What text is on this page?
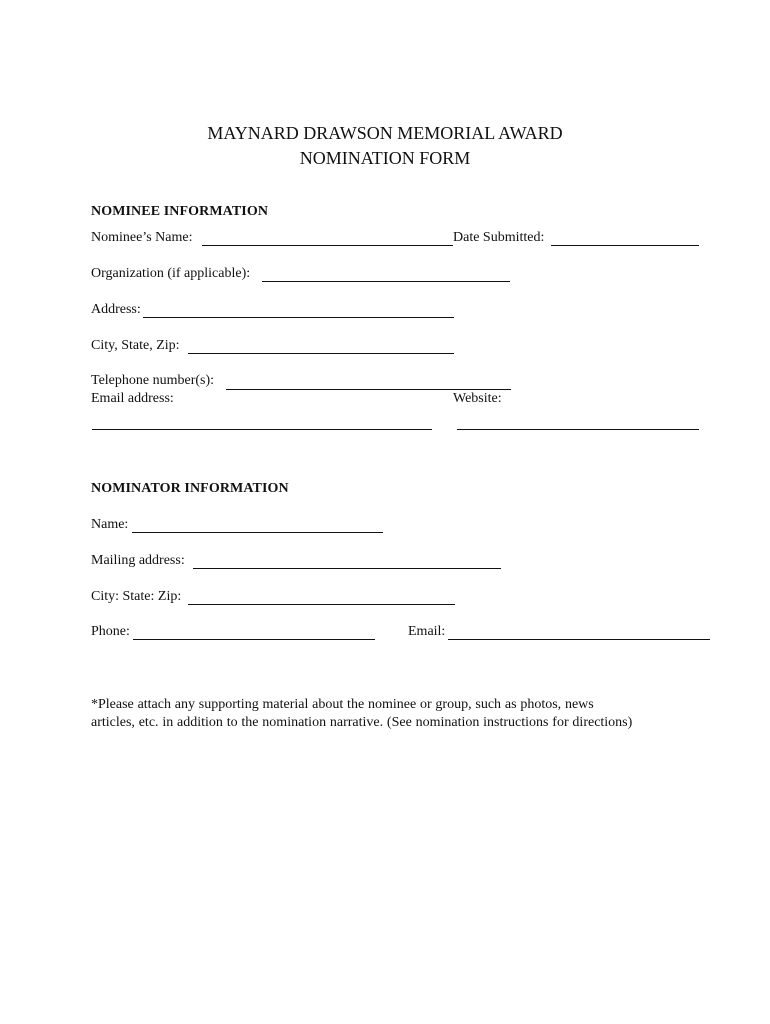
MAYNARD DRAWSON MEMORIAL AWARD
NOMINATION FORM
NOMINEE INFORMATION
Nominee’s Name:	Date Submitted:
Organization (if applicable):
Address:
City, State, Zip:
Telephone number(s):
Email address:	Website:
NOMINATOR INFORMATION
Name:
Mailing address:
City: State: Zip:
Phone:	Email:
*Please attach any supporting material about the nominee or group, such as photos, news
articles, etc. in addition to the nomination narrative. (See nomination instructions for directions)
